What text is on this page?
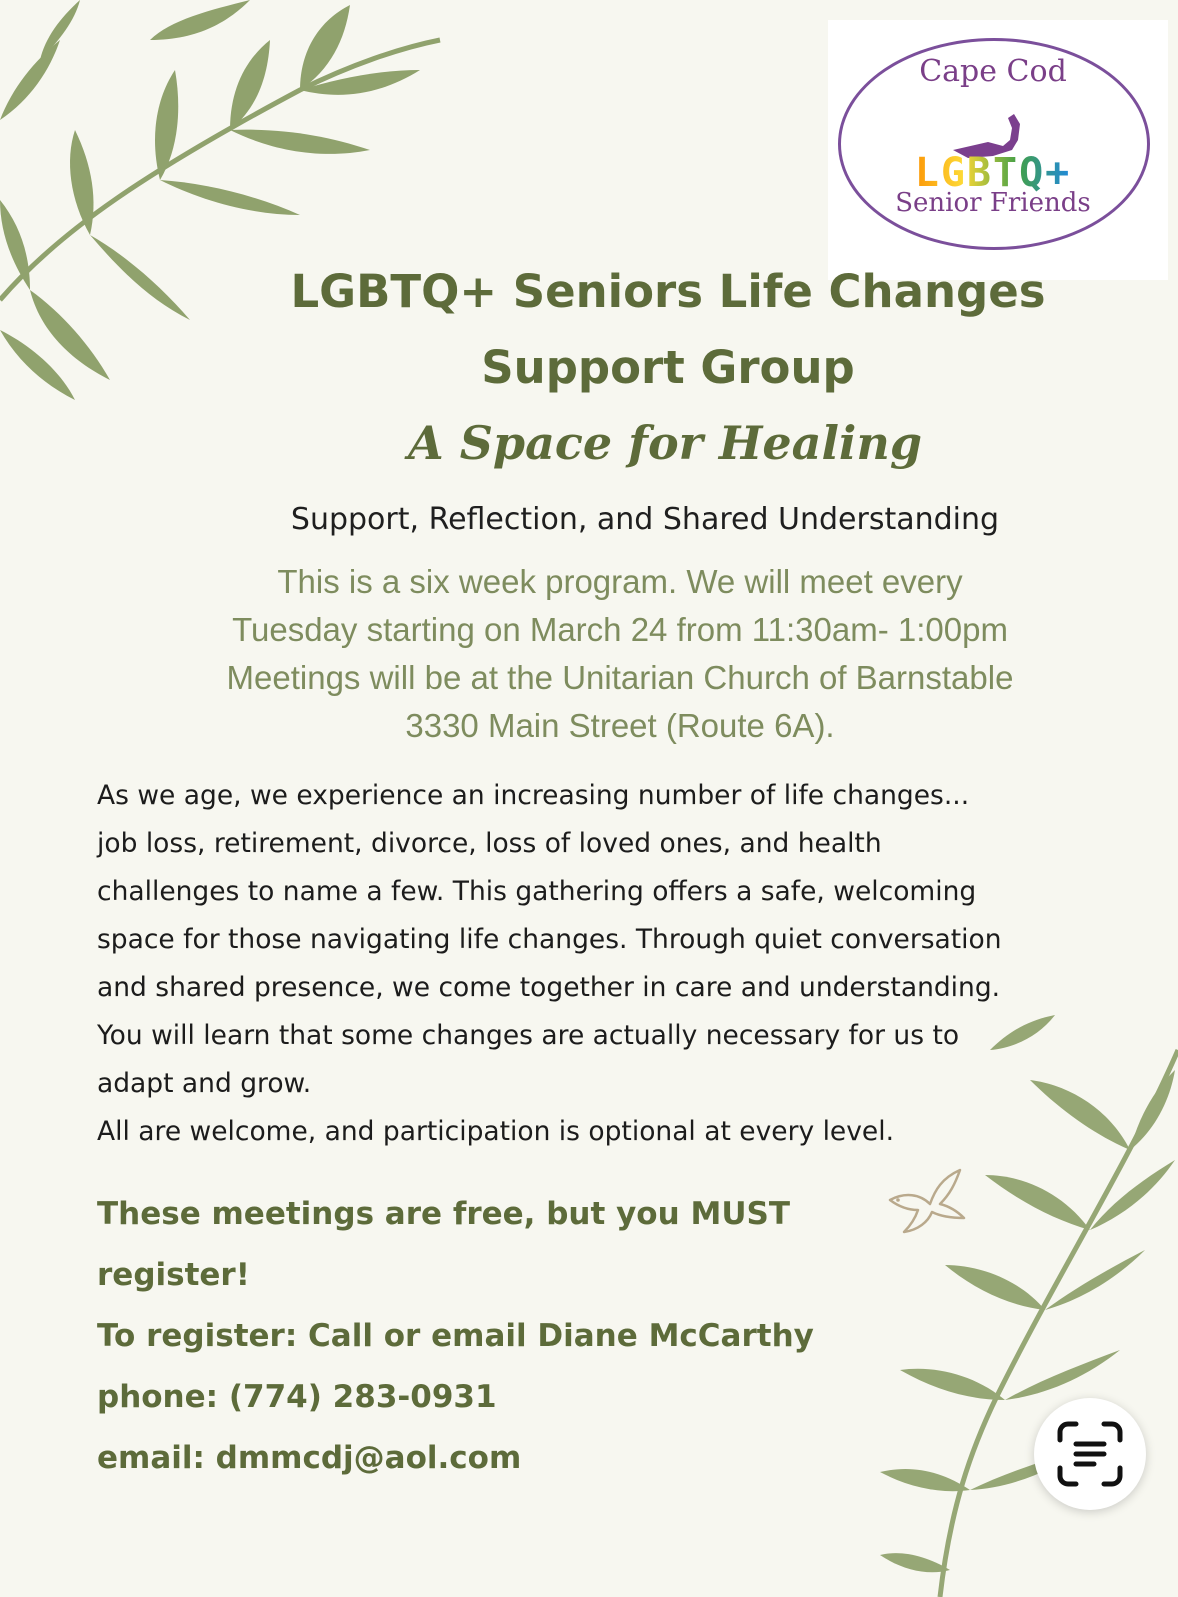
Cape Cod
LGBTQ+
Senior Friends
LGBTQ+ Seniors Life Changes
Support Group
A Space for Healing
Support, Reflection, and Shared Understanding
This is a six week program. We will meet every
Tuesday starting on March 24 from 11:30am- 1:00pm
Meetings will be at the Unitarian Church of Barnstable
3330 Main Street (Route 6A).
As we age, we experience an increasing number of life changes...
job loss, retirement, divorce, loss of loved ones, and health
challenges to name a few. This gathering offers a safe, welcoming
space for those navigating life changes. Through quiet conversation
and shared presence, we come together in care and understanding.
You will learn that some changes are actually necessary for us to
adapt and grow.
All are welcome, and participation is optional at every level.
These meetings are free, but you MUST
register!
To register: Call or email Diane McCarthy
phone: (774) 283-0931
email: dmmcdj@aol.com
